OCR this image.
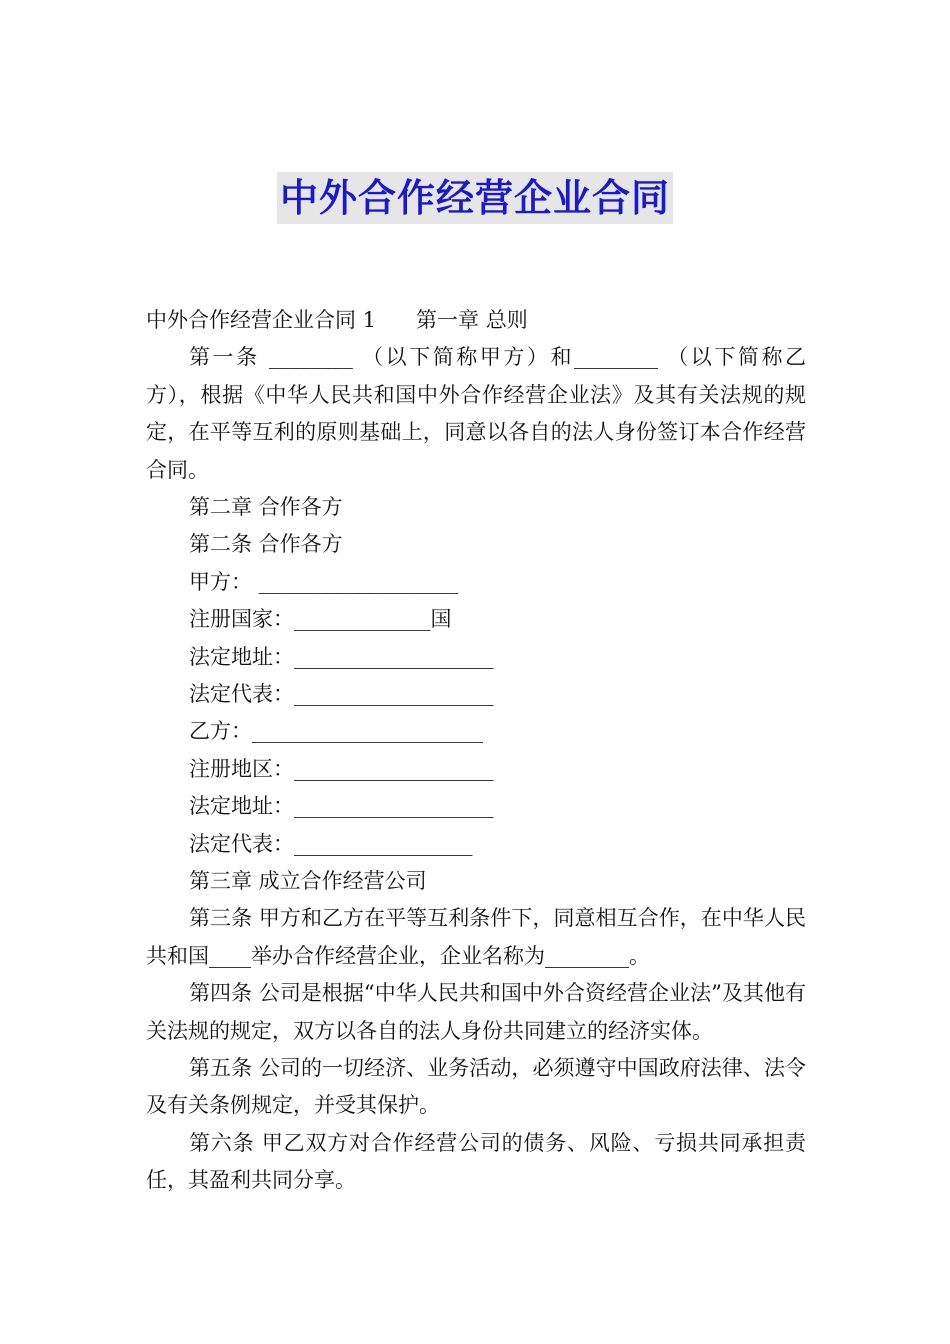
中外合作经营企业合同
中外合作经营企业合同 1 第一章 总则
第一条 ________ （以下简称甲方）和________ （以下简称乙方），根据《中华人民共和国中外合作经营企业法》及其有关法规的规定，在平等互利的原则基础上，同意以各自的法人身份签订本合作经营合同。
第二章 合作各方
第二条 合作各方
甲方： ___________________
注册国家：_____________国
法定地址：___________________
法定代表：___________________
乙方：______________________
注册地区：___________________
法定地址：___________________
法定代表：_________________
第三章 成立合作经营公司
第三条 甲方和乙方在平等互利条件下，同意相互合作，在中华人民共和国____举办合作经营企业，企业名称为________。
第四条 公司是根据“中华人民共和国中外合资经营企业法”及其他有关法规的规定，双方以各自的法人身份共同建立的经济实体。
第五条 公司的一切经济、业务活动，必须遵守中国政府法律、法令及有关条例规定，并受其保护。
第六条 甲乙双方对合作经营公司的债务、风险、亏损共同承担责任，其盈利共同分享。
